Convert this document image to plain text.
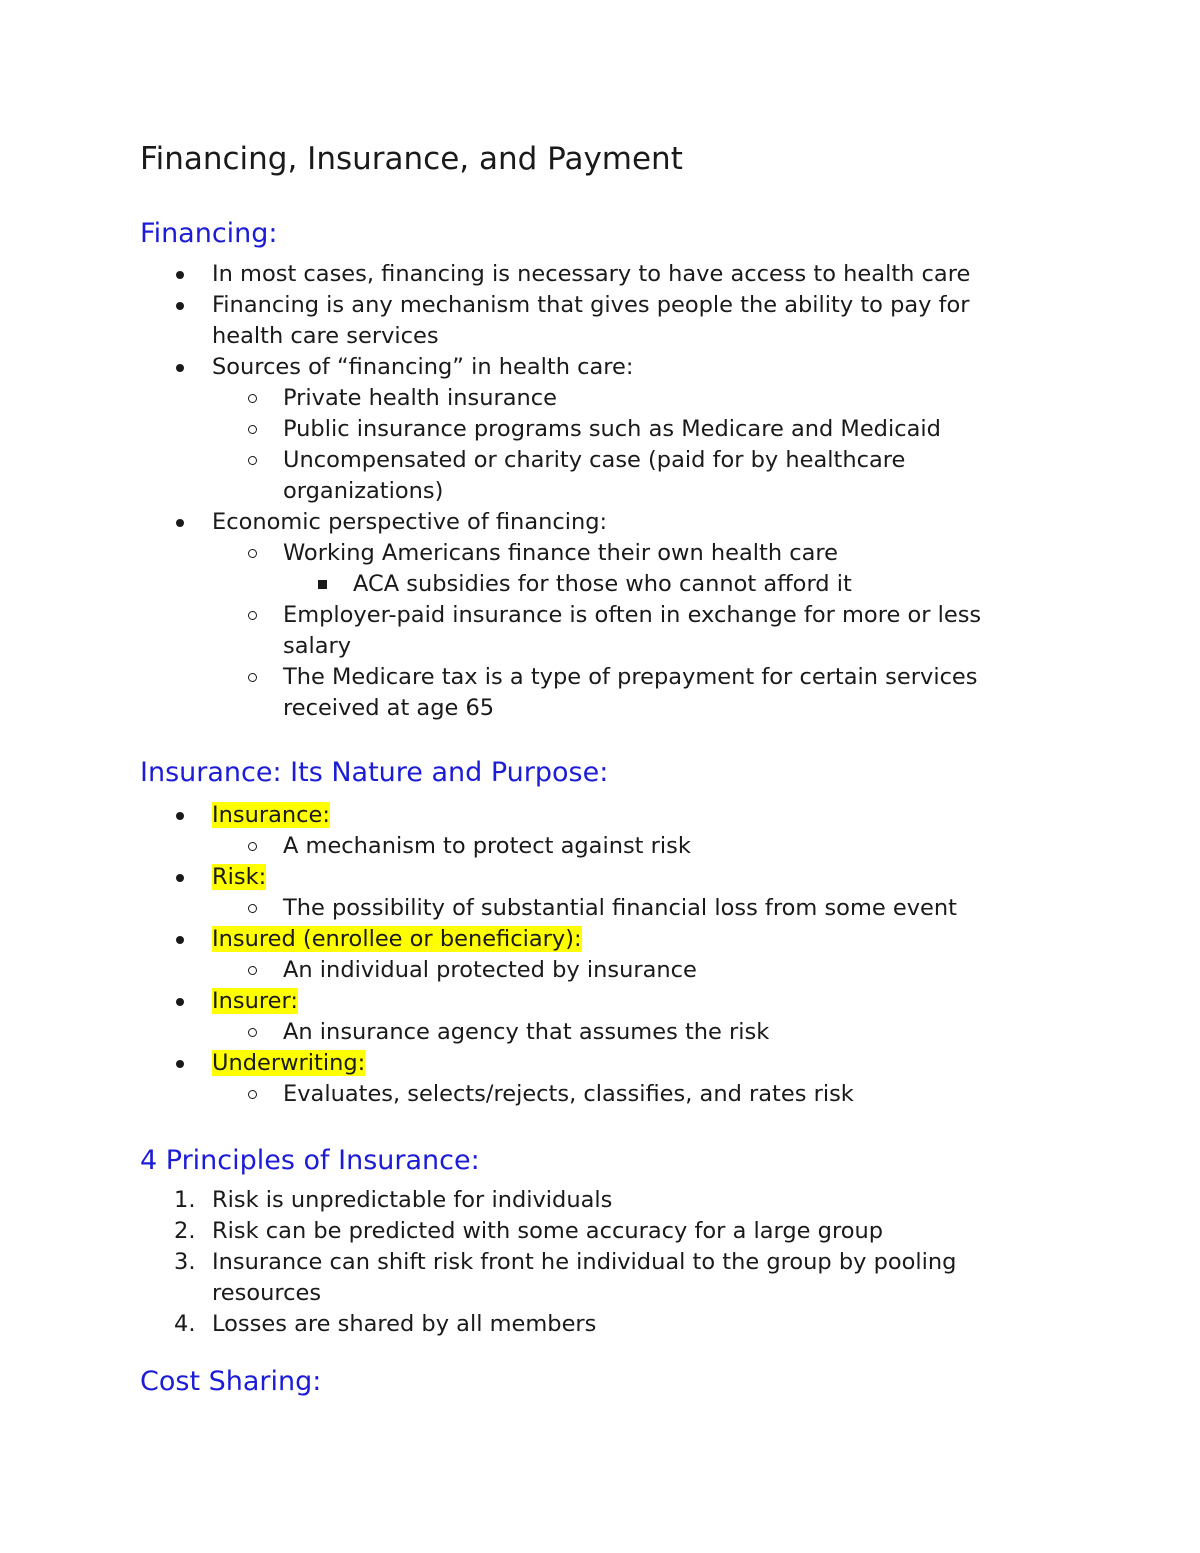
Financing, Insurance, and Payment
Financing:
In most cases, financing is necessary to have access to health care
Financing is any mechanism that gives people the ability to pay for
health care services
Sources of “financing” in health care:
Private health insurance
Public insurance programs such as Medicare and Medicaid
Uncompensated or charity case (paid for by healthcare
organizations)
Economic perspective of financing:
Working Americans finance their own health care
ACA subsidies for those who cannot afford it
Employer-paid insurance is often in exchange for more or less
salary
The Medicare tax is a type of prepayment for certain services
received at age 65
Insurance: Its Nature and Purpose:
Insurance:
A mechanism to protect against risk
Risk:
The possibility of substantial financial loss from some event
Insured (enrollee or beneficiary):
An individual protected by insurance
Insurer:
An insurance agency that assumes the risk
Underwriting:
Evaluates, selects/rejects, classifies, and rates risk
4 Principles of Insurance:
1. Risk is unpredictable for individuals
2. Risk can be predicted with some accuracy for a large group
3. Insurance can shift risk front he individual to the group by pooling
resources
4. Losses are shared by all members
Cost Sharing:
